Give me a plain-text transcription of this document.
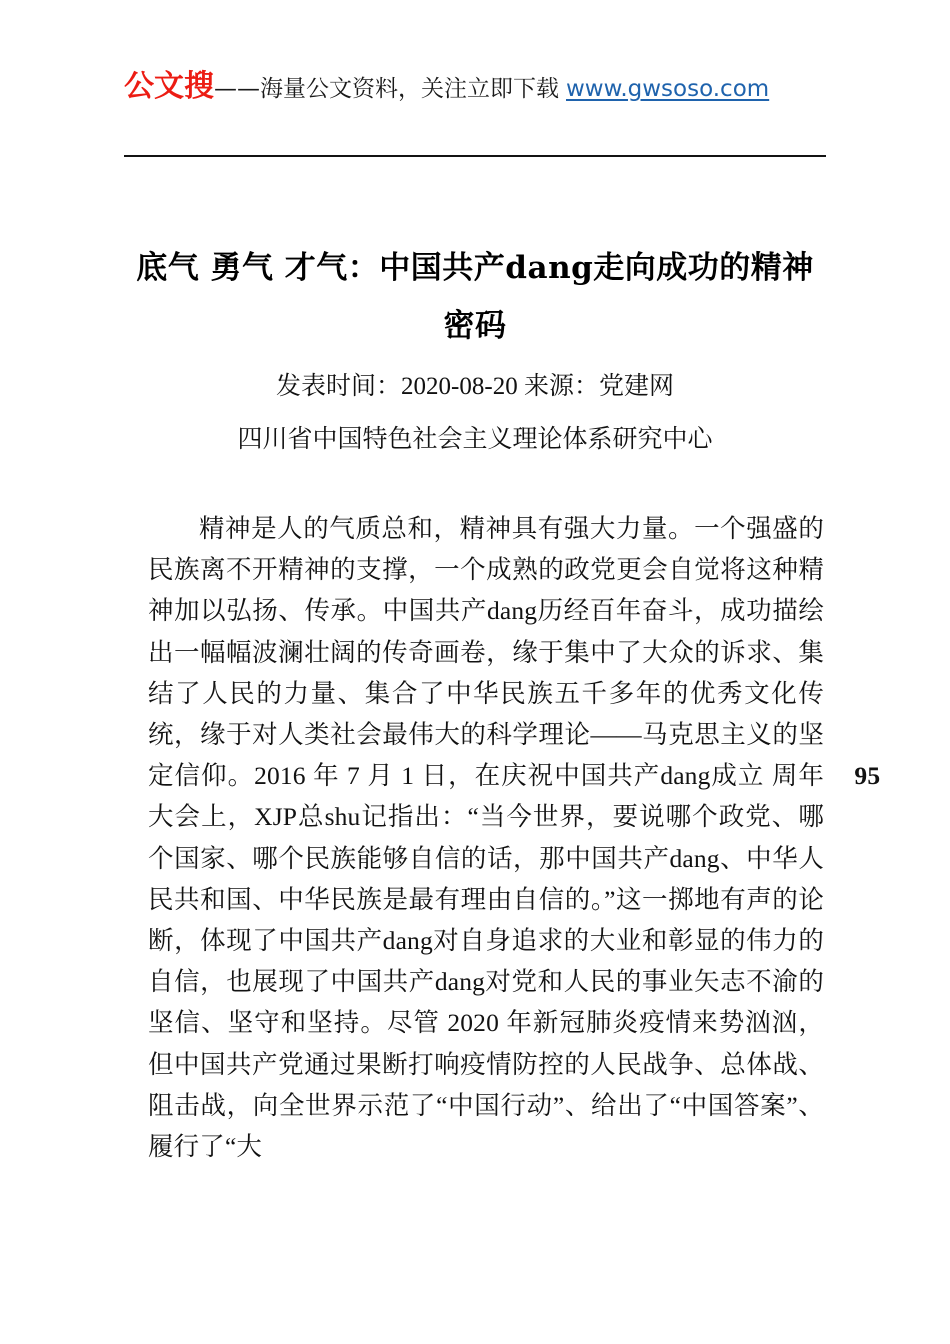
公文搜 ——海量公文资料，关注立即下载 www.gwsoso.com
底气 勇气 才气：中国共产dang走向成功的精神密码
发表时间：2020-08-20 来源：党建网
四川省中国特色社会主义理论体系研究中心

精神是人的气质总和，精神具有强大力量。一个强盛的民族离不开精神的支撑，一个成熟的政党更会自觉将这种精神加以弘扬、传承。中国共产dang历经百年奋斗，成功描绘出一幅幅波澜壮阔的传奇画卷，缘于集中了大众的诉求、集结了人民的力量、集合了中华民族五千多年的优秀文化传统，缘于对人类社会最伟大的科学理论——马克思主义的坚定信仰。2016 年 7 月 1 日，在庆祝中国共产dang成立	95 周年大会上，XJP总shu记指出：“当今世界，要说哪个政党、哪个国家、哪个民族能够自信的话，那中国共产dang、中华人民共和国、中华民族是最有理由自信的。”这一掷地有声的论断，体现了中国共产dang对自身追求的大业和彰显的伟力的自信，也展现了中国共产dang对党和人民的事业矢志不渝的坚信、坚守和坚持。尽管 2020 年新冠肺炎疫情来势汹汹，但中国共产党通过果断打响疫情防控的人民战争、总体战、阻击战，向全世界示范了“中国行动”、给出了“中国答案”、履行了“大
